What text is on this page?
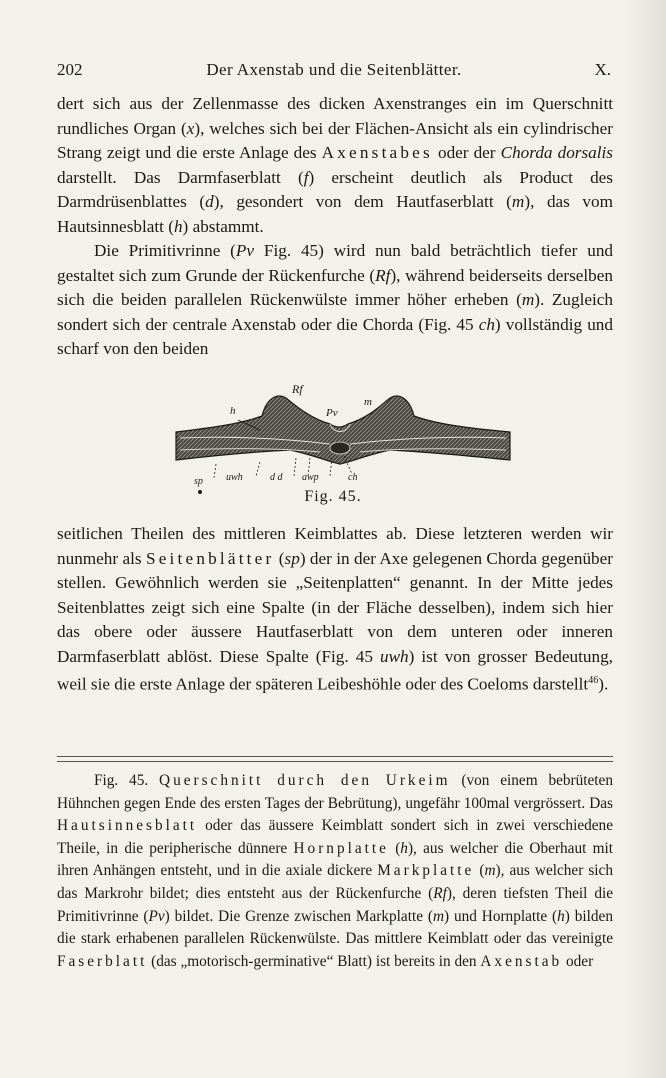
202	Der Axenstab und die Seitenblätter.	X.

dert sich aus der Zellenmasse des dicken Axenstranges ein im Querschnitt rundliches Organ (x), welches sich bei der Flächen-Ansicht als ein cylindrischer Strang zeigt und die erste Anlage des Axenstabes oder der Chorda dorsalis darstellt. Das Darmfaserblatt (f) erscheint deutlich als Product des Darmdrüsenblattes (d), gesondert von dem Hautfaserblatt (m), das vom Hautsinnesblatt (h) abstammt.

Die Primitivrinne (Pv Fig. 45) wird nun bald beträchtlich tiefer und gestaltet sich zum Grunde der Rückenfurche (Rf), während beiderseits derselben sich die beiden parallelen Rückenwülste immer höher erheben (m). Zugleich sondert sich der centrale Axenstab oder die Chorda (Fig. 45 ch) vollständig und scharf von den beiden

Rf
m
Pv
h
sp uwh	d d awp	ch
Fig. 45.

seitlichen Theilen des mittleren Keimblattes ab. Diese letzteren werden wir nunmehr als Seitenblätter (sp) der in der Axe gelegenen Chorda gegenüber stellen. Gewöhnlich werden sie „Seitenplatten“ genannt. In der Mitte jedes Seitenblattes zeigt sich eine Spalte (in der Fläche desselben), indem sich hier das obere oder äussere Hautfaserblatt von dem unteren oder inneren Darmfaserblatt ablöst. Diese Spalte (Fig. 45 uwh) ist von grosser Bedeutung, weil sie die erste Anlage der späteren Leibeshöhle oder des Coeloms darstellt$^{46}$).

Fig. 45. Querschnitt durch den Urkeim (von einem bebrüteten Hühnchen gegen Ende des ersten Tages der Bebrütung), ungefähr 100mal vergrössert. Das Hautsinnesblatt oder das äussere Keimblatt sondert sich in zwei verschiedene Theile, in die peripherische dünnere Hornplatte (h), aus welcher die Oberhaut mit ihren Anhängen entsteht, und in die axiale dickere Markplatte (m), aus welcher sich das Markrohr bildet; dies entsteht aus der Rückenfurche (Rf), deren tiefsten Theil die Primitivrinne (Pv) bildet. Die Grenze zwischen Markplatte (m) und Hornplatte (h) bilden die stark erhabenen parallelen Rückenwülste. Das mittlere Keimblatt oder das vereinigte Faserblatt (das „motorisch-germinative“ Blatt) ist bereits in den Axenstab oder
